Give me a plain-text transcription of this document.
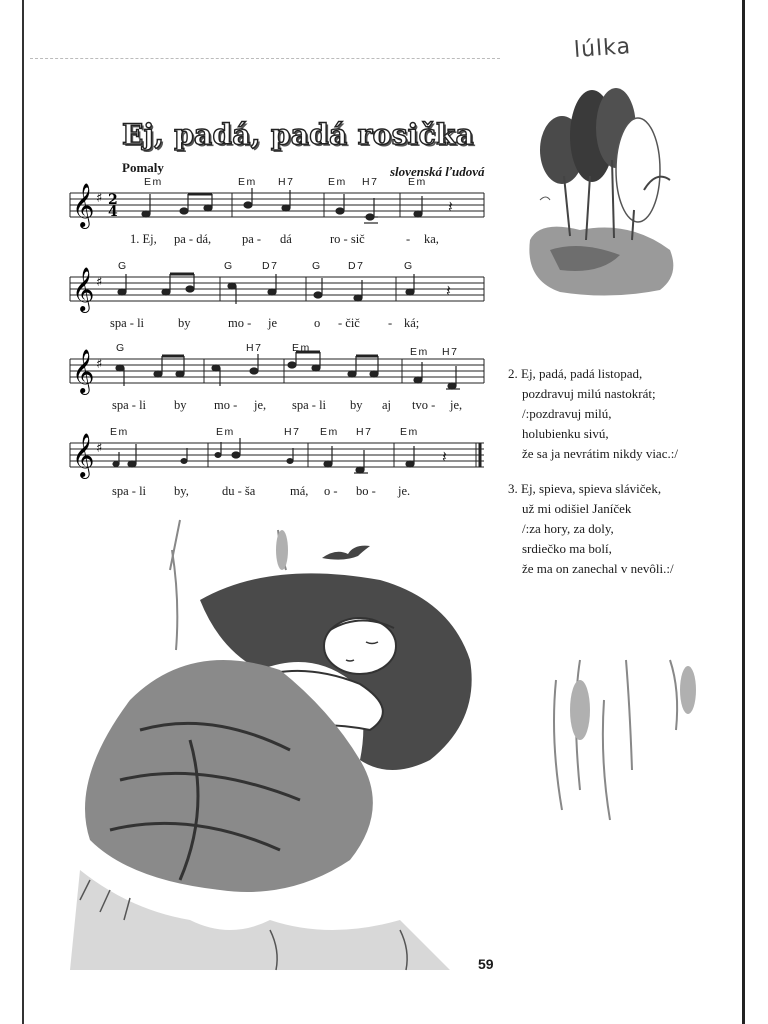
lúlka
Ej, padá, padá rosička
Pomaly	slovenská ľudová
Em	Em H7	Em H7	Em
𝄞 ♯ 2
4	𝄽
1. Ej, pa - dá, pa - dá	ro - sič	- ka,
G	G	D7	G	D7	G
𝄞 ♯	𝄽
spa - li	by	mo - je	o - čič - ká;
G	H7	Em	Em H7
𝄞 ♯
spa - li by mo - je, spa - li by aj tvo - je,
Em	Em	H7 Em H7	Em
𝄞 ♯	𝄽
spa - li by,	du - ša	má, o - bo - je.
2. Ej, padá, padá listopad,
pozdravuj milú nastokrát;
/:pozdravuj milú,
holubienku sivú,
že sa ja nevrátim nikdy viac.:/
3. Ej, spieva, spieva sláviček,
už mi odišiel Janíček
/:za hory, za doly,
srdiečko ma bolí,
že ma on zanechal v nevôli.:/
59
